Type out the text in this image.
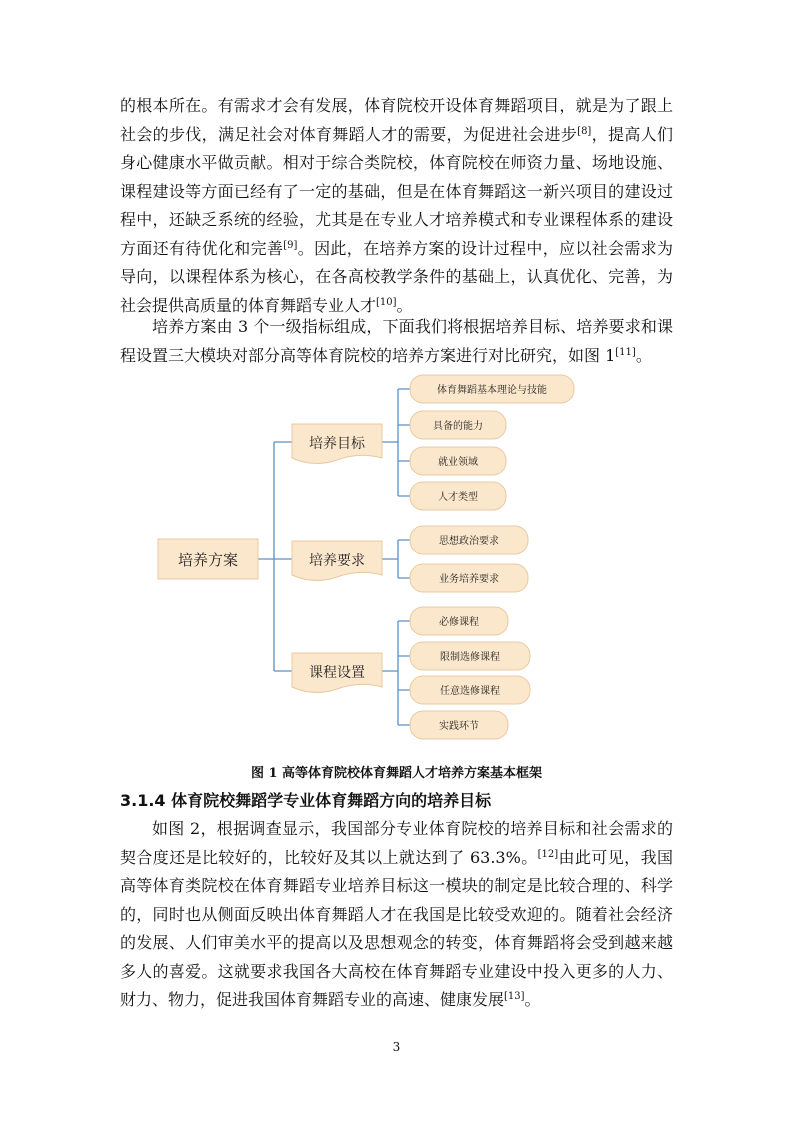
的根本所在。有需求才会有发展，体育院校开设体育舞蹈项目，就是为了跟上社会的步伐，满足社会对体育舞蹈人才的需要，为促进社会进步[8]，提高人们身心健康水平做贡献。相对于综合类院校，体育院校在师资力量、场地设施、课程建设等方面已经有了一定的基础，但是在体育舞蹈这一新兴项目的建设过程中，还缺乏系统的经验，尤其是在专业人才培养模式和专业课程体系的建设方面还有待优化和完善[9]。因此，在培养方案的设计过程中，应以社会需求为导向，以课程体系为核心，在各高校教学条件的基础上，认真优化、完善，为社会提供高质量的体育舞蹈专业人才[10]。

培养方案由 3 个一级指标组成，下面我们将根据培养目标、培养要求和课程设置三大模块对部分高等体育院校的培养方案进行对比研究，如图 1[11]。

培养方案
培养目标
培养要求
课程设置
体育舞蹈基本理论与技能
具备的能力
就业领域
人才类型
思想政治要求
业务培养要求
必修课程
限制选修课程
任意选修课程
实践环节
图 1 高等体育院校体育舞蹈人才培养方案基本框架
3.1.4 体育院校舞蹈学专业体育舞蹈方向的培养目标

如图 2，根据调查显示，我国部分专业体育院校的培养目标和社会需求的契合度还是比较好的，比较好及其以上就达到了 63.3%。[12]由此可见，我国高等体育类院校在体育舞蹈专业培养目标这一模块的制定是比较合理的、科学的，同时也从侧面反映出体育舞蹈人才在我国是比较受欢迎的。随着社会经济的发展、人们审美水平的提高以及思想观念的转变，体育舞蹈将会受到越来越多人的喜爱。这就要求我国各大高校在体育舞蹈专业建设中投入更多的人力、财力、物力，促进我国体育舞蹈专业的高速、健康发展[13]。

3
